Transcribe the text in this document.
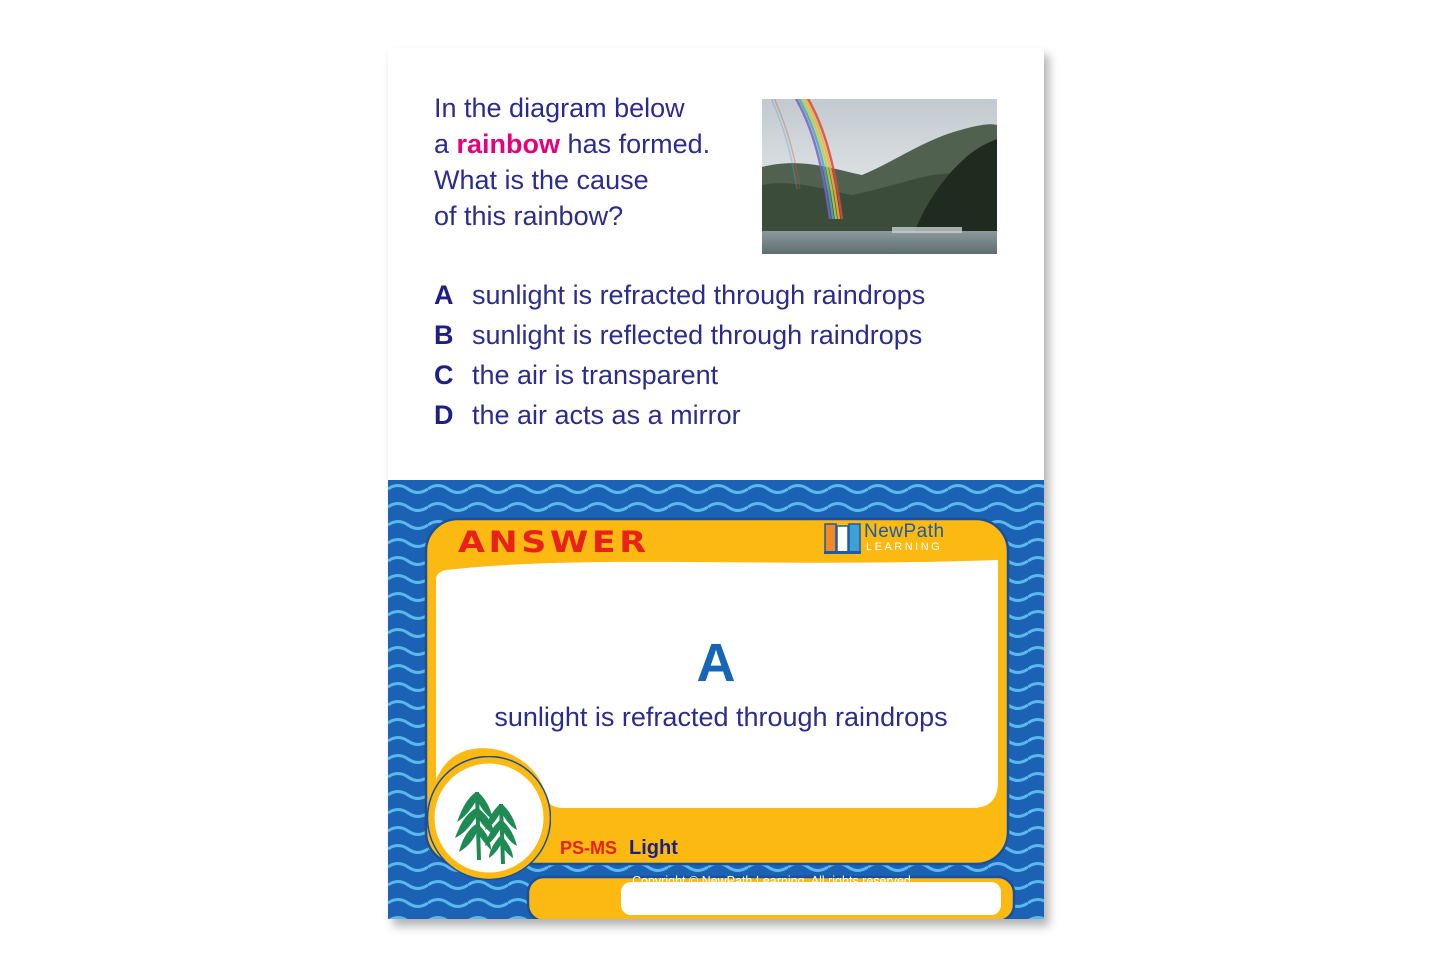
In the diagram below
a rainbow has formed.
What is the cause
of this rainbow?

A sunlight is refracted through raindrops
B sunlight is reflected through raindrops
C the air is transparent
D the air acts as a mirror
ANSWER	NewPath
LEARNING

A

sunlight is refracted through raindrops

PS-MS Light
Copyright © NewPath Learning. All rights reserved.
